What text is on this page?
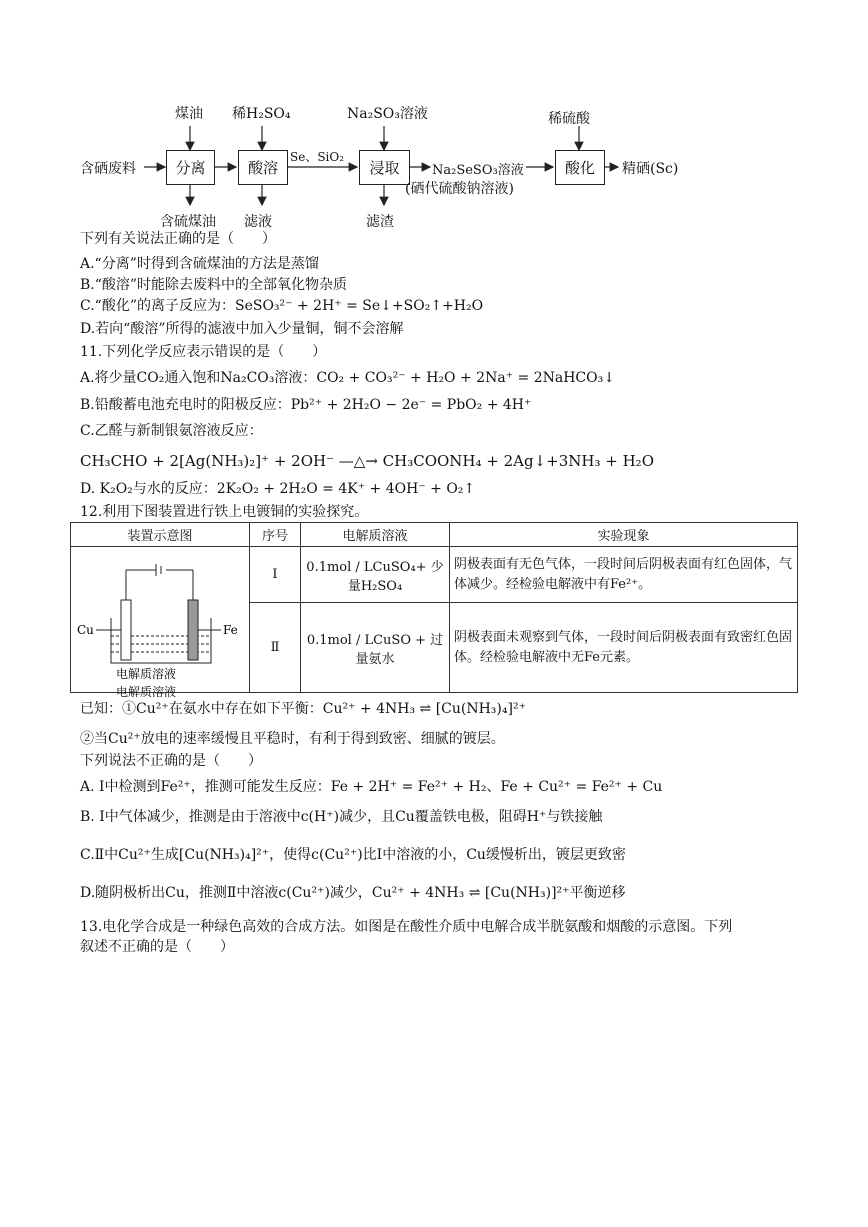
含硒废料	分离	酸溶	浸取	酸化	精硒(Sc)
煤油 稀H₂SO₄	Na₂SO₃溶液	稀硫酸
Se、SiO₂
Na₂SeSO₃溶液
(硒代硫酸钠溶液)
含硫煤油 滤液	滤渣
下列有关说法正确的是（　　）
A.“分离”时得到含硫煤油的方法是蒸馏
B.“酸溶”时能除去废料中的全部氧化物杂质
C.“酸化”的离子反应为：SeSO₃²⁻ + 2H⁺ = Se↓+SO₂↑+H₂O
D.若向“酸溶”所得的滤液中加入少量铜，铜不会溶解
11.下列化学反应表示错误的是（　　）
A.将少量CO₂通入饱和Na₂CO₃溶液：CO₂ + CO₃²⁻ + H₂O + 2Na⁺ = 2NaHCO₃↓
B.铅酸蓄电池充电时的阳极反应：Pb²⁺ + 2H₂O − 2e⁻ = PbO₂ + 4H⁺
C.乙醛与新制银氨溶液反应：
CH₃CHO + 2[Ag(NH₃)₂]⁺ + 2OH⁻ —△→ CH₃COONH₄ + 2Ag↓+3NH₃ + H₂O
D. K₂O₂与水的反应：2K₂O₂ + 2H₂O = 4K⁺ + 4OH⁻ + O₂↑
12.利用下图装置进行铁上电镀铜的实验探究。
装置示意图	序号	电解质溶液	实验现象

Cu Fe
电解质溶液
电解质溶液	Ⅰ	0.1mol / LCuSO₄+ 少量H₂SO₄	阴极表面有无色气体，一段时间后阴极表面有红色固体，气体减少。经检验电解液中有Fe²⁺。
	Ⅱ	0.1mol / LCuSO + 过量氨水	阴极表面未观察到气体，一段时间后阴极表面有致密红色固体。经检验电解液中无Fe元素。
已知：①Cu²⁺在氨水中存在如下平衡：Cu²⁺ + 4NH₃ ⇌ [Cu(NH₃)₄]²⁺
②当Cu²⁺放电的速率缓慢且平稳时，有利于得到致密、细腻的镀层。
下列说法不正确的是（　　）
A. Ⅰ中检测到Fe²⁺，推测可能发生反应：Fe + 2H⁺ = Fe²⁺ + H₂、Fe + Cu²⁺ = Fe²⁺ + Cu
B. Ⅰ中气体减少，推测是由于溶液中c(H⁺)减少，且Cu覆盖铁电极，阻碍H⁺与铁接触
C.Ⅱ中Cu²⁺生成[Cu(NH₃)₄]²⁺，使得c(Cu²⁺)比Ⅰ中溶液的小，Cu缓慢析出，镀层更致密
D.随阴极析出Cu，推测Ⅱ中溶液c(Cu²⁺)减少，Cu²⁺ + 4NH₃ ⇌ [Cu(NH₃)]²⁺平衡逆移
13.电化学合成是一种绿色高效的合成方法。如图是在酸性介质中电解合成半胱氨酸和烟酸的示意图。下列
叙述不正确的是（　　）
